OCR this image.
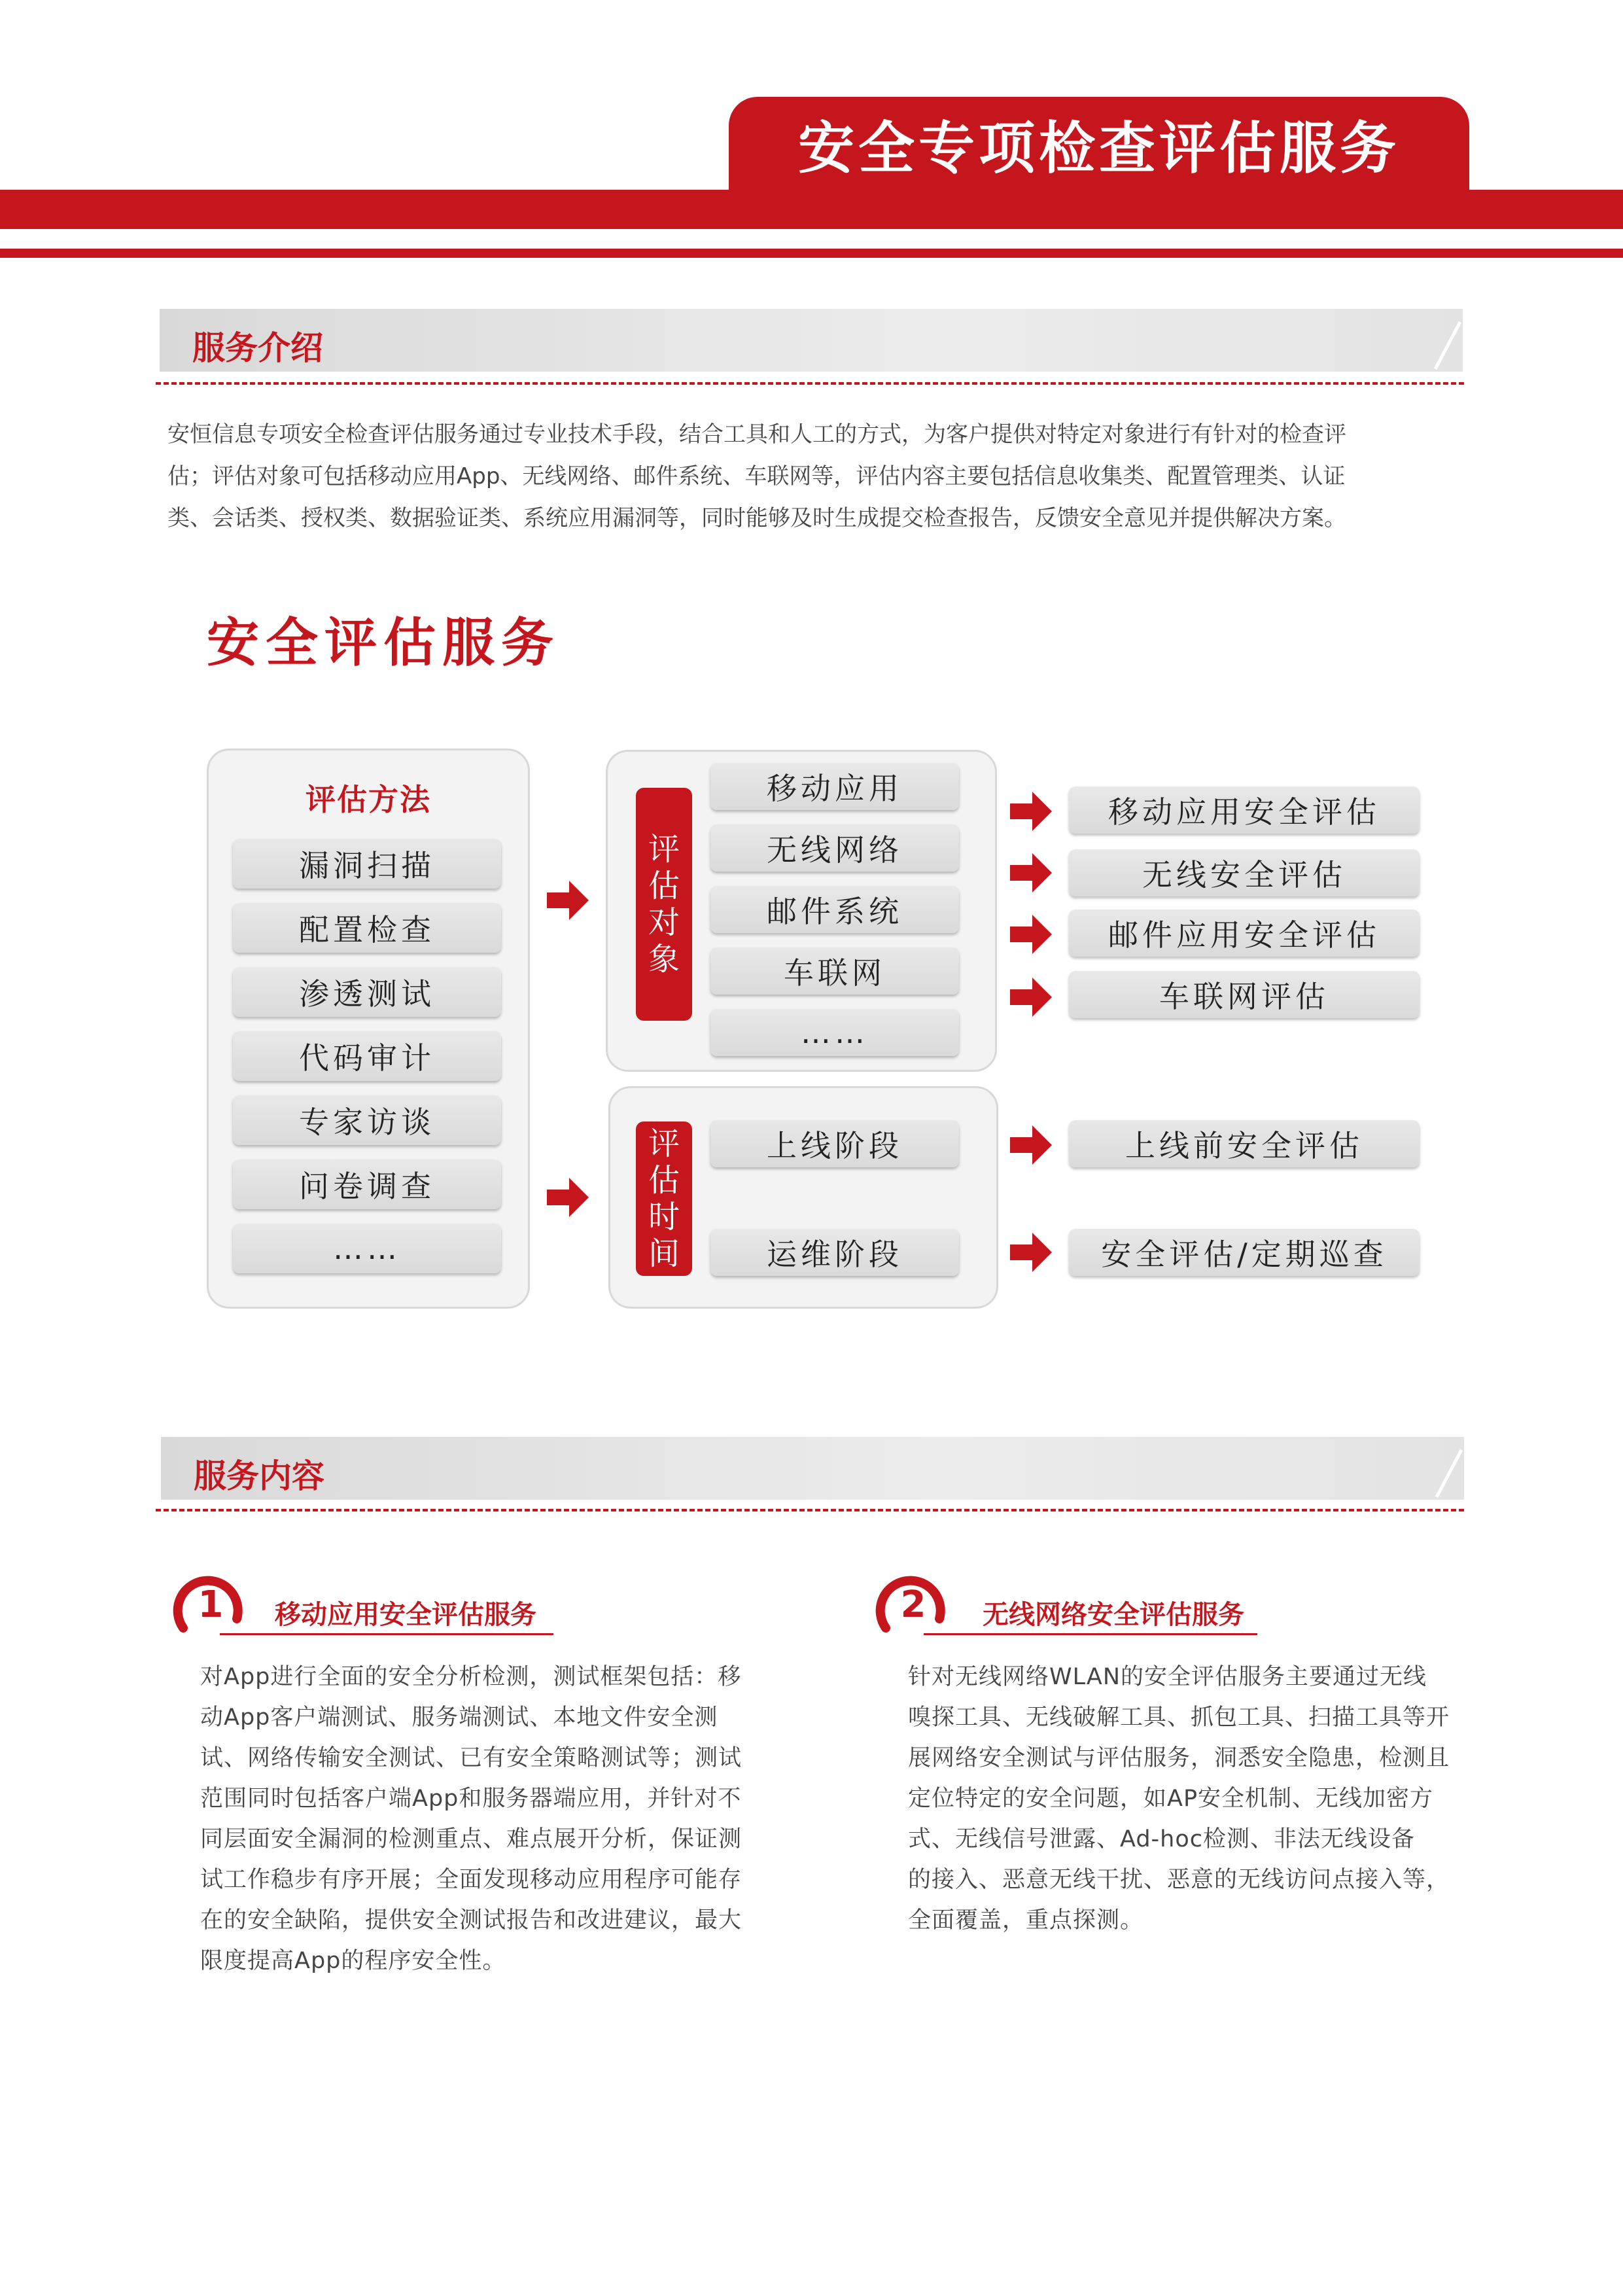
安全专项检查评估服务
服务介绍
安恒信息专项安全检查评估服务通过专业技术手段，结合工具和人工的方式，为客户提供对特定对象进行有针对的检查评
估；评估对象可包括移动应用App、无线网络、邮件系统、车联网等，评估内容主要包括信息收集类、配置管理类、认证
类、会话类、授权类、数据验证类、系统应用漏洞等，同时能够及时生成提交检查报告，反馈安全意见并提供解决方案。
安全评估服务
评估方法
漏洞扫描
配置检查
渗透测试
代码审计
专家访谈
问卷调查
……
评
估
对
象
移动应用
无线网络
邮件系统
车联网
……
评
估
时
间
上线阶段
运维阶段
移动应用安全评估
无线安全评估
邮件应用安全评估
车联网评估
上线前安全评估
安全评估/定期巡查
服务内容
1	移动应用安全评估服务
对App进行全面的安全分析检测，测试框架包括：移
动App客户端测试、服务端测试、本地文件安全测
试、网络传输安全测试、已有安全策略测试等；测试
范围同时包括客户端App和服务器端应用，并针对不
同层面安全漏洞的检测重点、难点展开分析，保证测
试工作稳步有序开展；全面发现移动应用程序可能存
在的安全缺陷，提供安全测试报告和改进建议，最大
限度提高App的程序安全性。
2	无线网络安全评估服务
针对无线网络WLAN的安全评估服务主要通过无线
嗅探工具、无线破解工具、抓包工具、扫描工具等开
展网络安全测试与评估服务，洞悉安全隐患，检测且
定位特定的安全问题，如AP安全机制、无线加密方
式、无线信号泄露、Ad-hoc检测、非法无线设备
的接入、恶意无线干扰、恶意的无线访问点接入等，
全面覆盖，重点探测。
